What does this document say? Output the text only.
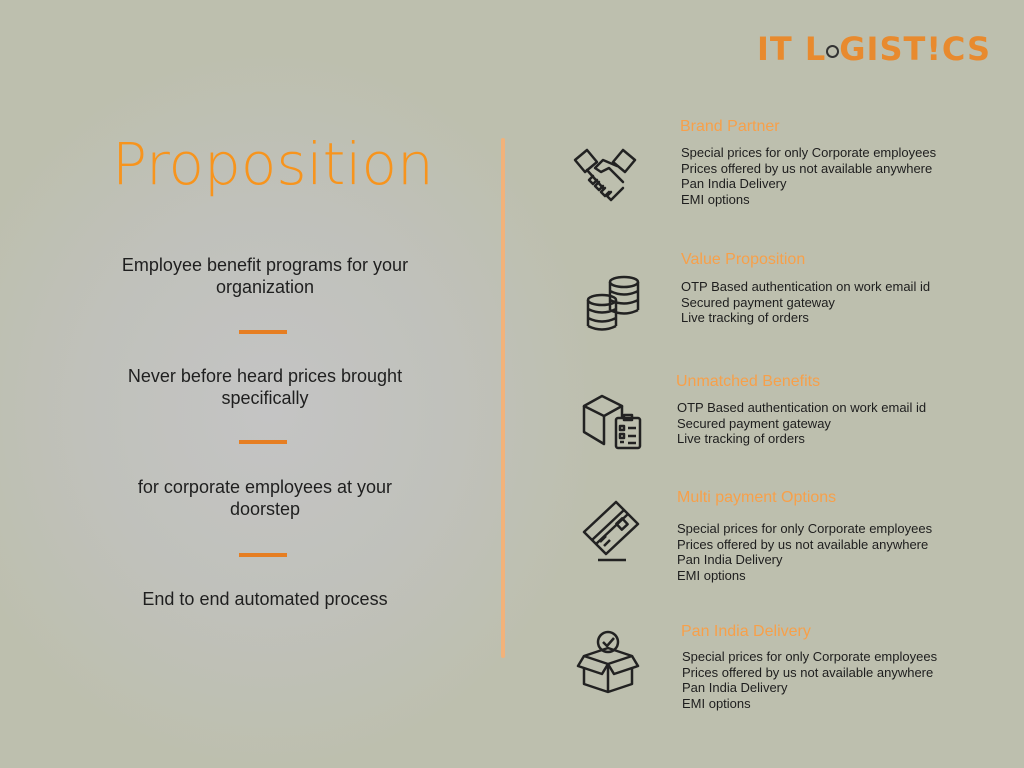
IT L GIST!CS
Proposition
Employee benefit programs for your organization
Never before heard prices brought specifically
for corporate employees at your doorstep
End to end automated process
Brand Partner
Special prices for only Corporate employees
Prices offered by us not available anywhere
Pan India Delivery
EMI options
Value Proposition
OTP Based authentication on work email id
Secured payment gateway
Live tracking of orders
Unmatched Benefits
OTP Based authentication on work email id
Secured payment gateway
Live tracking of orders
Multi payment Options
Special prices for only Corporate employees
Prices offered by us not available anywhere
Pan India Delivery
EMI options
Pan India Delivery
Special prices for only Corporate employees
Prices offered by us not available anywhere
Pan India Delivery
EMI options
